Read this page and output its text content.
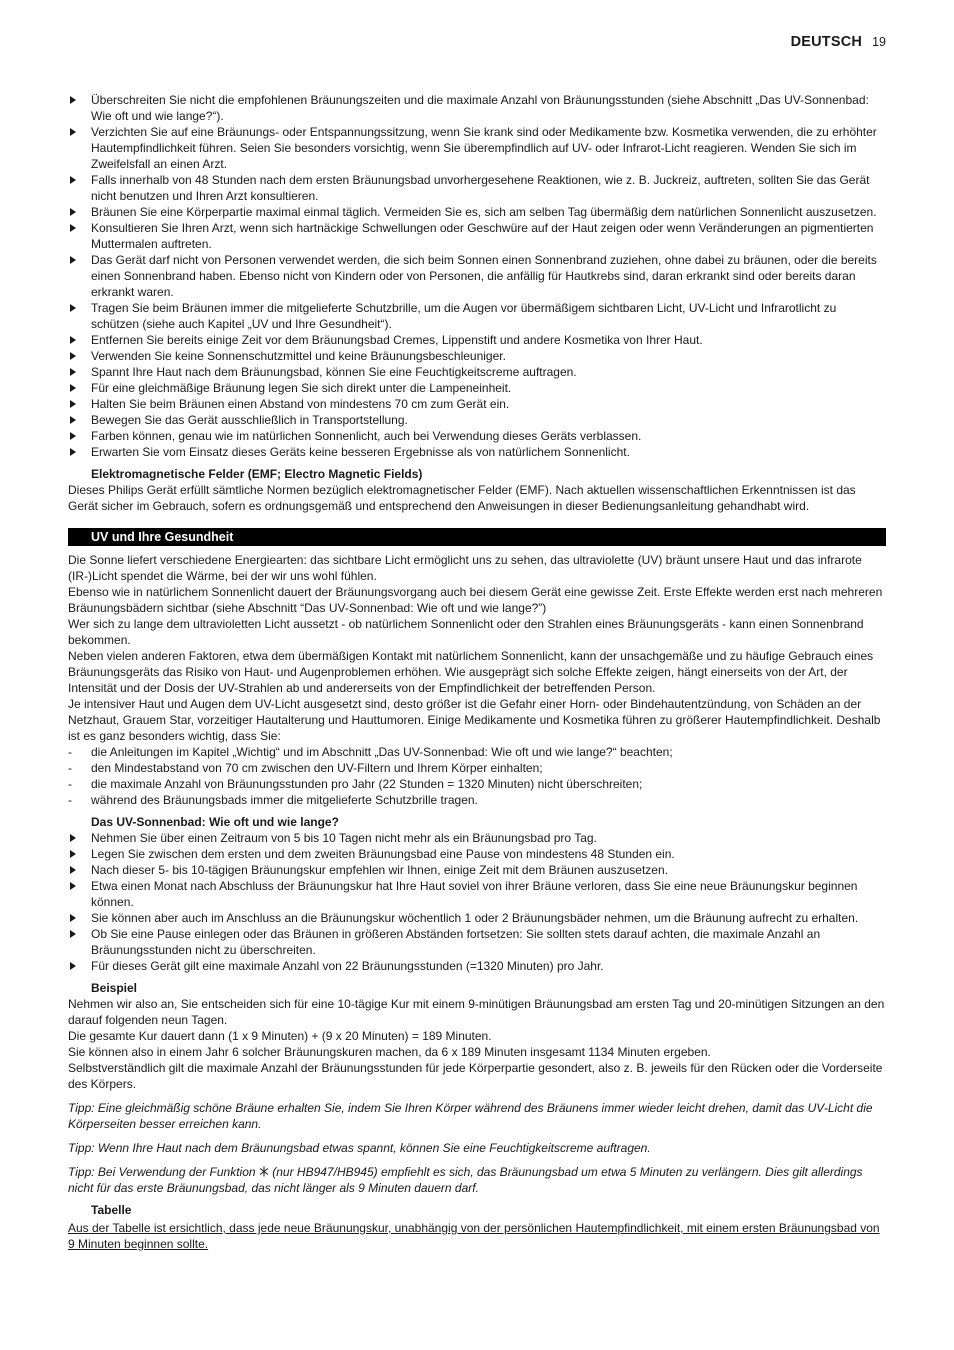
DEUTSCH 19
Überschreiten Sie nicht die empfohlenen Bräunungszeiten und die maximale Anzahl von Bräunungsstunden (siehe Abschnitt „Das UV-Sonnenbad: Wie oft und wie lange?“).
Verzichten Sie auf eine Bräunungs- oder Entspannungssitzung, wenn Sie krank sind oder Medikamente bzw. Kosmetika verwenden, die zu erhöhter Hautempfindlichkeit führen. Seien Sie besonders vorsichtig, wenn Sie überempfindlich auf UV- oder Infrarot-Licht reagieren. Wenden Sie sich im Zweifelsfall an einen Arzt.
Falls innerhalb von 48 Stunden nach dem ersten Bräunungsbad unvorhergesehene Reaktionen, wie z. B. Juckreiz, auftreten, sollten Sie das Gerät nicht benutzen und Ihren Arzt konsultieren.
Bräunen Sie eine Körperpartie maximal einmal täglich. Vermeiden Sie es, sich am selben Tag übermäßig dem natürlichen Sonnenlicht auszusetzen.
Konsultieren Sie Ihren Arzt, wenn sich hartnäckige Schwellungen oder Geschwüre auf der Haut zeigen oder wenn Veränderungen an pigmentierten Muttermalen auftreten.
Das Gerät darf nicht von Personen verwendet werden, die sich beim Sonnen einen Sonnenbrand zuziehen, ohne dabei zu bräunen, oder die bereits einen Sonnenbrand haben. Ebenso nicht von Kindern oder von Personen, die anfällig für Hautkrebs sind, daran erkrankt sind oder bereits daran erkrankt waren.
Tragen Sie beim Bräunen immer die mitgelieferte Schutzbrille, um die Augen vor übermäßigem sichtbaren Licht, UV-Licht und Infrarotlicht zu schützen (siehe auch Kapitel „UV und Ihre Gesundheit“).
Entfernen Sie bereits einige Zeit vor dem Bräunungsbad Cremes, Lippenstift und andere Kosmetika von Ihrer Haut.
Verwenden Sie keine Sonnenschutzmittel und keine Bräunungsbeschleuniger.
Spannt Ihre Haut nach dem Bräunungsbad, können Sie eine Feuchtigkeitscreme auftragen.
Für eine gleichmäßige Bräunung legen Sie sich direkt unter die Lampeneinheit.
Halten Sie beim Bräunen einen Abstand von mindestens 70 cm zum Gerät ein.
Bewegen Sie das Gerät ausschließlich in Transportstellung.
Farben können, genau wie im natürlichen Sonnenlicht, auch bei Verwendung dieses Geräts verblassen.
Erwarten Sie vom Einsatz dieses Geräts keine besseren Ergebnisse als von natürlichem Sonnenlicht.
Elektromagnetische Felder (EMF; Electro Magnetic Fields)

Dieses Philips Gerät erfüllt sämtliche Normen bezüglich elektromagnetischer Felder (EMF). Nach aktuellen wissenschaftlichen Erkenntnissen ist das Gerät sicher im Gebrauch, sofern es ordnungsgemäß und entsprechend den Anweisungen in dieser Bedienungsanleitung gehandhabt wird.

UV und Ihre Gesundheit

Die Sonne liefert verschiedene Energiearten: das sichtbare Licht ermöglicht uns zu sehen, das ultraviolette (UV) bräunt unsere Haut und das infrarote (IR-)Licht spendet die Wärme, bei der wir uns wohl fühlen.

Ebenso wie in natürlichem Sonnenlicht dauert der Bräunungsvorgang auch bei diesem Gerät eine gewisse Zeit. Erste Effekte werden erst nach mehreren Bräunungsbädern sichtbar (siehe Abschnitt “Das UV-Sonnenbad: Wie oft und wie lange?”)

Wer sich zu lange dem ultravioletten Licht aussetzt - ob natürlichem Sonnenlicht oder den Strahlen eines Bräunungsgeräts - kann einen Sonnenbrand bekommen.

Neben vielen anderen Faktoren, etwa dem übermäßigen Kontakt mit natürlichem Sonnenlicht, kann der unsachgemäße und zu häufige Gebrauch eines Bräunungsgeräts das Risiko von Haut- und Augenproblemen erhöhen. Wie ausgeprägt sich solche Effekte zeigen, hängt einerseits von der Art, der Intensität und der Dosis der UV-Strahlen ab und andererseits von der Empfindlichkeit der betreffenden Person.

Je intensiver Haut und Augen dem UV-Licht ausgesetzt sind, desto größer ist die Gefahr einer Horn- oder Bindehautentzündung, von Schäden an der Netzhaut, Grauem Star, vorzeitiger Hautalterung und Hauttumoren. Einige Medikamente und Kosmetika führen zu größerer Hautempfindlichkeit. Deshalb ist es ganz besonders wichtig, dass Sie:

- die Anleitungen im Kapitel „Wichtig“ und im Abschnitt „Das UV-Sonnenbad: Wie oft und wie lange?“ beachten;
- den Mindestabstand von 70 cm zwischen den UV-Filtern und Ihrem Körper einhalten;
- die maximale Anzahl von Bräunungsstunden pro Jahr (22 Stunden = 1320 Minuten) nicht überschreiten;
- während des Bräunungsbads immer die mitgelieferte Schutzbrille tragen.
Das UV-Sonnenbad: Wie oft und wie lange?
Nehmen Sie über einen Zeitraum von 5 bis 10 Tagen nicht mehr als ein Bräunungsbad pro Tag.
Legen Sie zwischen dem ersten und dem zweiten Bräunungsbad eine Pause von mindestens 48 Stunden ein.
Nach dieser 5- bis 10-tägigen Bräunungskur empfehlen wir Ihnen, einige Zeit mit dem Bräunen auszusetzen.
Etwa einen Monat nach Abschluss der Bräunungskur hat Ihre Haut soviel von ihrer Bräune verloren, dass Sie eine neue Bräunungskur beginnen können.
Sie können aber auch im Anschluss an die Bräunungskur wöchentlich 1 oder 2 Bräunungsbäder nehmen, um die Bräunung aufrecht zu erhalten.
Ob Sie eine Pause einlegen oder das Bräunen in größeren Abständen fortsetzen: Sie sollten stets darauf achten, die maximale Anzahl an Bräunungsstunden nicht zu überschreiten.
Für dieses Gerät gilt eine maximale Anzahl von 22 Bräunungsstunden (=1320 Minuten) pro Jahr.
Beispiel

Nehmen wir also an, Sie entscheiden sich für eine 10-tägige Kur mit einem 9-minütigen Bräunungsbad am ersten Tag und 20-minütigen Sitzungen an den darauf folgenden neun Tagen.

Die gesamte Kur dauert dann (1 x 9 Minuten) + (9 x 20 Minuten) = 189 Minuten.

Sie können also in einem Jahr 6 solcher Bräunungskuren machen, da 6 x 189 Minuten insgesamt 1134 Minuten ergeben.

Selbstverständlich gilt die maximale Anzahl der Bräunungsstunden für jede Körperpartie gesondert, also z. B. jeweils für den Rücken oder die Vorderseite des Körpers.

Tipp: Eine gleichmäßig schöne Bräune erhalten Sie, indem Sie Ihren Körper während des Bräunens immer wieder leicht drehen, damit das UV-Licht die Körperseiten besser erreichen kann.

Tipp: Wenn Ihre Haut nach dem Bräunungsbad etwas spannt, können Sie eine Feuchtigkeitscreme auftragen.

Tipp: Bei Verwendung der Funktion  (nur HB947/HB945) empfiehlt es sich, das Bräunungsbad um etwa 5 Minuten zu verlängern. Dies gilt allerdings nicht für das erste Bräunungsbad, das nicht länger als 9 Minuten dauern darf.

Tabelle

Aus der Tabelle ist ersichtlich, dass jede neue Bräunungskur, unabhängig von der persönlichen Hautempfindlichkeit, mit einem ersten Bräunungsbad von 9 Minuten beginnen sollte.
